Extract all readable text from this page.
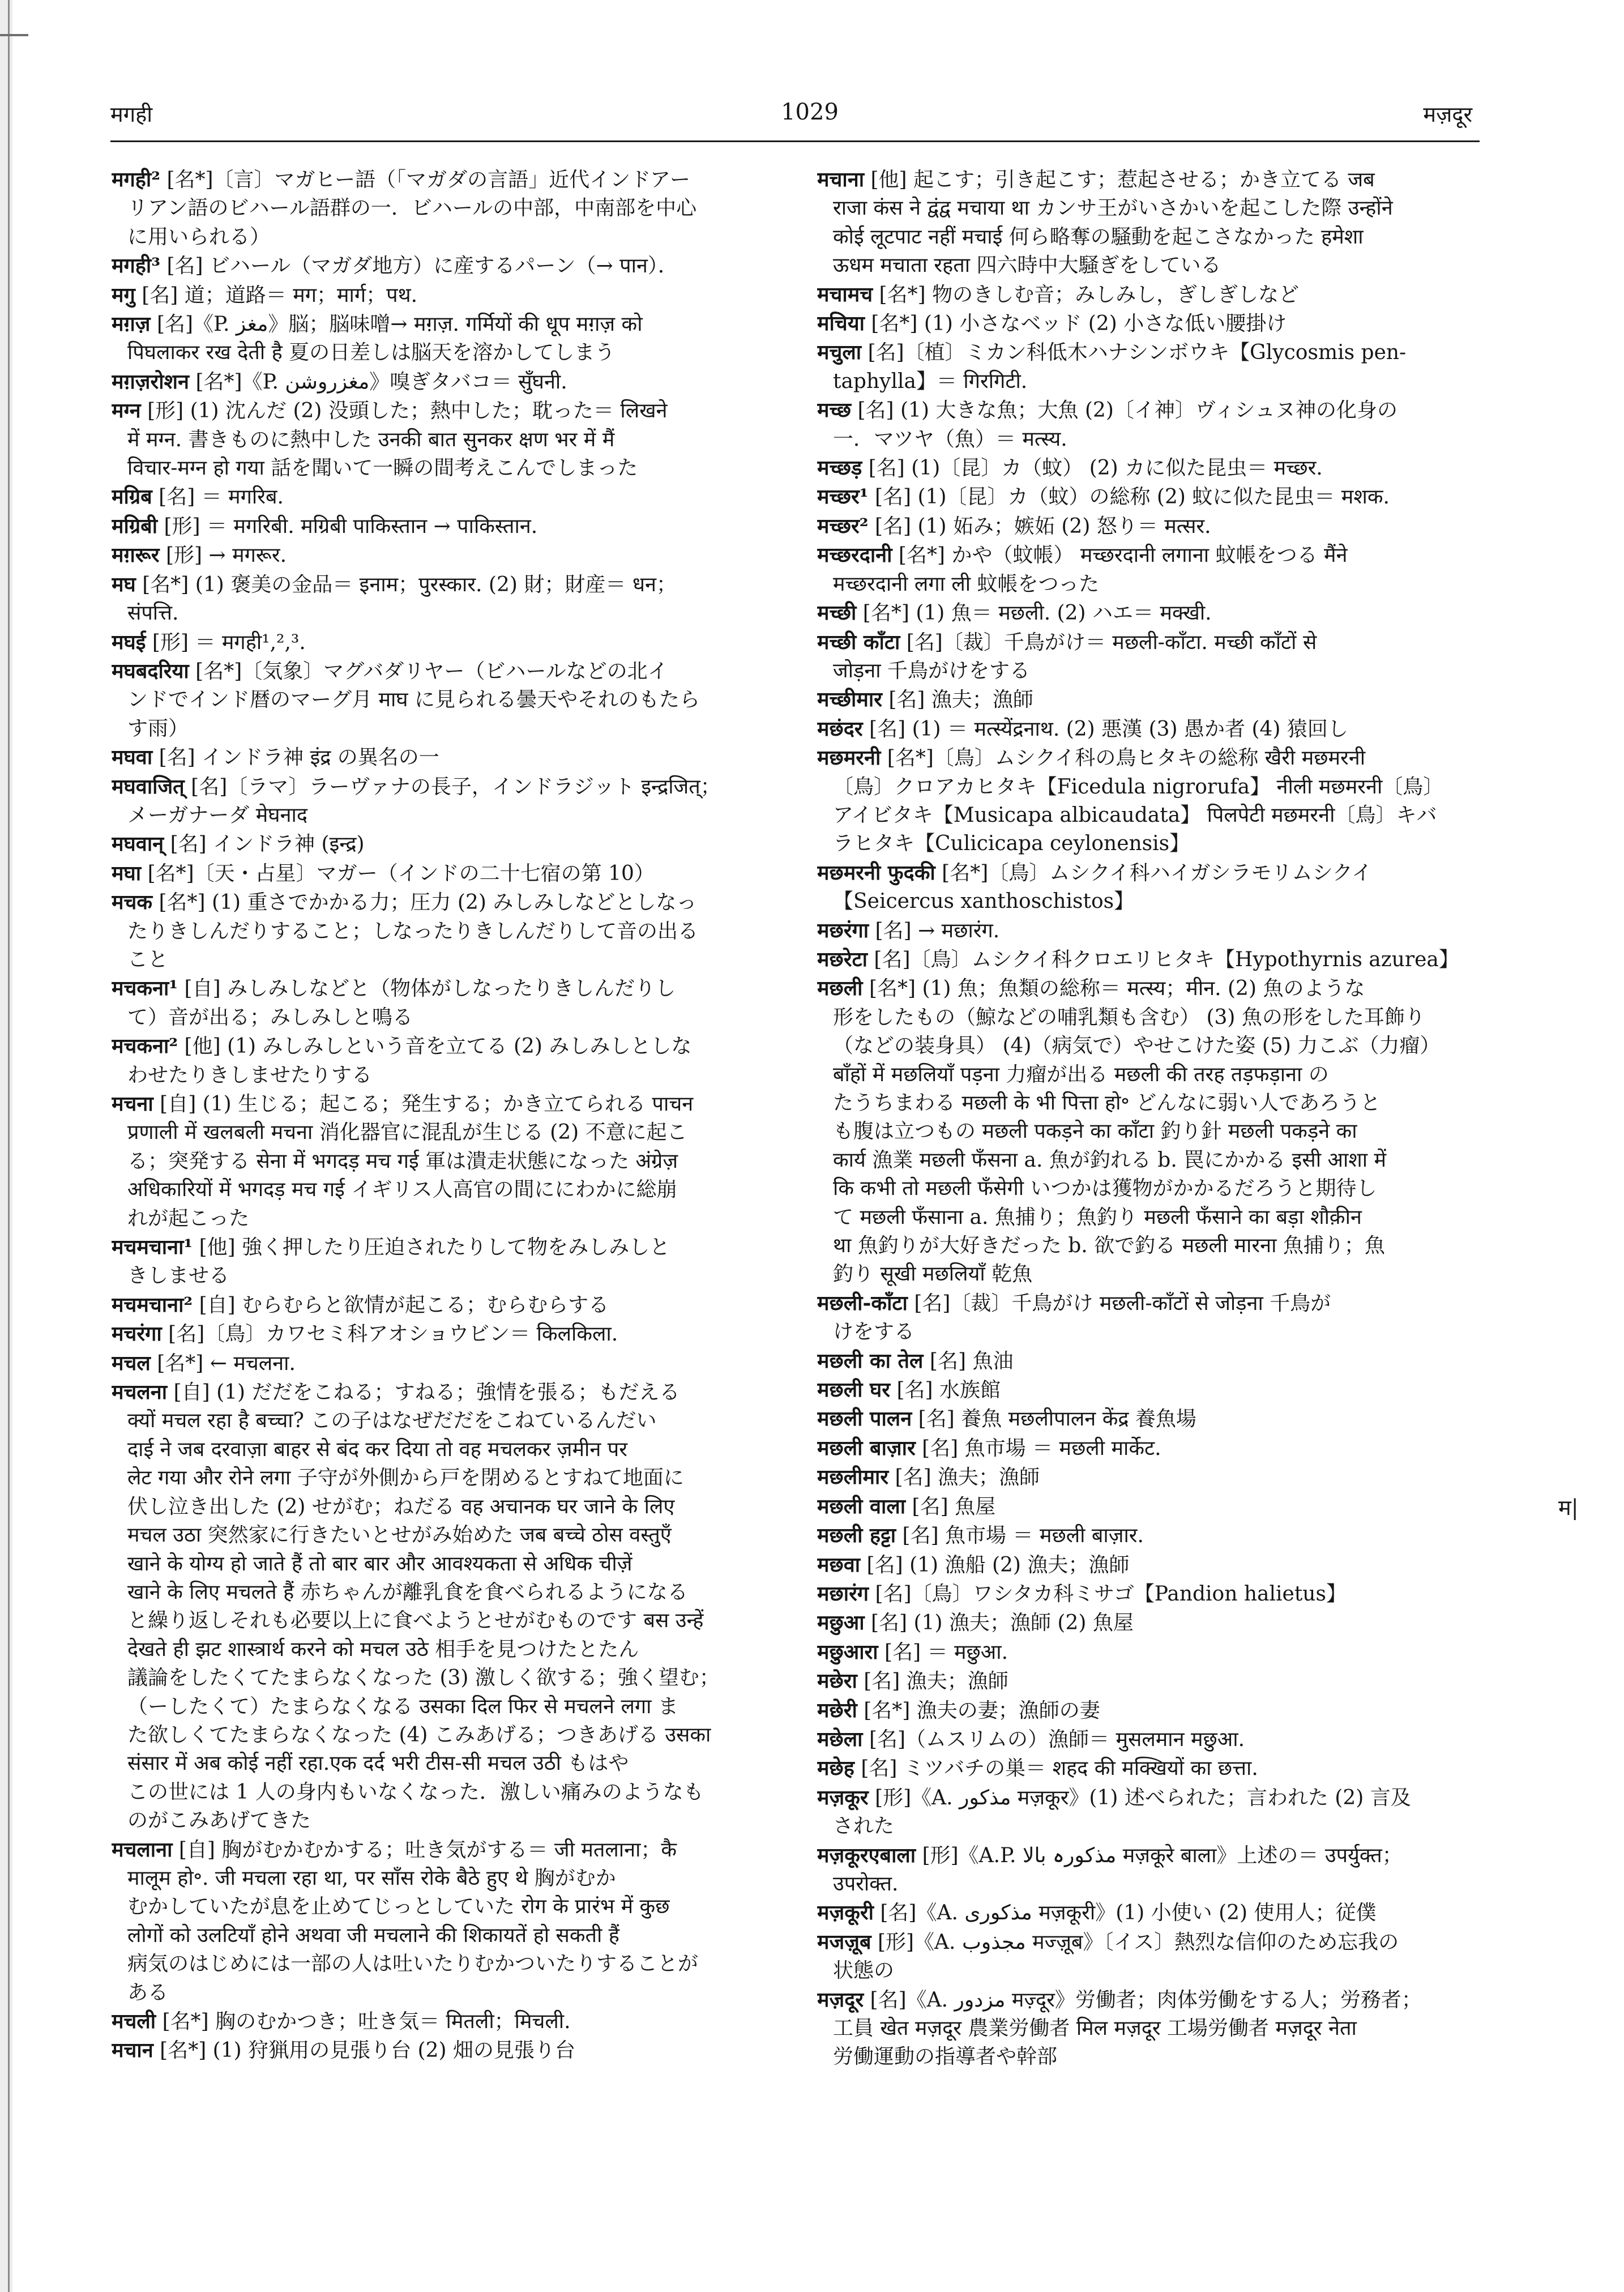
मगही	1029	मज़दूर
मगही² [名*]〔言〕マガヒー語（「マガダの言語」近代インドアー
リアン語のビハール語群の一．ビハールの中部，中南部を中心
に用いられる）
मगही³ [名] ビハール（マガダ地方）に産するパーン（→ पान）．
मगु [名] 道；道路＝ मग；मार्ग；पथ.
मग़ज़ [名]《P. مغز》脳；脳味噌→ मग़ज़. गर्मियों की धूप मग़ज़ को
पिघलाकर रख देती है 夏の日差しは脳天を溶かしてしまう
मग़ज़रोशन [名*]《P. مغزروشن》嗅ぎタバコ＝ सुँघनी.
मग्न [形] (1) 沈んだ (2) 没頭した；熱中した；耽った＝ लिखने
में मग्न. 書きものに熱中した उनकी बात सुनकर क्षण भर में मैं
विचार-मग्न हो गया 話を聞いて一瞬の間考えこんでしまった
मग्रिब [名] ＝ मगरिब.
मग्रिबी [形] ＝ मगरिबी. मग्रिबी पाकिस्तान → पाकिस्तान.
मग़रूर [形] → मगरूर.
मघ [名*] (1) 褒美の金品＝ इनाम；पुरस्कार. (2) 財；財産＝ धन；
संपत्ति.
मघई [形] ＝ मगही¹,²,³.
मघबदरिया [名*]〔気象〕マグバダリヤー（ビハールなどの北イ
ンドでインド暦のマーグ月 माघ に見られる曇天やそれのもたら
す雨）
मघवा [名] インドラ神 इंद्र の異名の一
मघवाजित् [名]〔ラマ〕ラーヴァナの長子，インドラジット इन्द्रजित्；
メーガナーダ मेघनाद
मघवान् [名] インドラ神 (इन्द्र)
मघा [名*]〔天・占星〕マガー（インドの二十七宿の第 10）
मचक [名*] (1) 重さでかかる力；圧力 (2) みしみしなどとしなっ
たりきしんだりすること；しなったりきしんだりして音の出る
こと
मचकना¹ [自] みしみしなどと（物体がしなったりきしんだりし
て）音が出る；みしみしと鳴る
मचकना² [他] (1) みしみしという音を立てる (2) みしみしとしな
わせたりきしませたりする
मचना [自] (1) 生じる；起こる；発生する；かき立てられる पाचन
प्रणाली में खलबली मचना 消化器官に混乱が生じる (2) 不意に起こ
る；突発する सेना में भगदड़ मच गई 軍は潰走状態になった अंग्रेज़
अधिकारियों में भगदड़ मच गई イギリス人高官の間ににわかに総崩
れが起こった
मचमचाना¹ [他] 強く押したり圧迫されたりして物をみしみしと
きしませる
मचमचाना² [自] むらむらと欲情が起こる；むらむらする
मचरंगा [名]〔鳥〕カワセミ科アオショウビン＝ किलकिला.
मचल [名*] ← मचलना.
मचलना [自] (1) だだをこねる；すねる；強情を張る；もだえる
क्यों मचल रहा है बच्चा? この子はなぜだだをこねているんだい
दाई ने जब दरवाज़ा बाहर से बंद कर दिया तो वह मचलकर ज़मीन पर
लेट गया और रोने लगा 子守が外側から戸を閉めるとすねて地面に
伏し泣き出した (2) せがむ；ねだる वह अचानक घर जाने के लिए
मचल उठा 突然家に行きたいとせがみ始めた जब बच्चे ठोस वस्तुएँ
खाने के योग्य हो जाते हैं तो बार बार और आवश्यकता से अधिक चीज़ें
खाने के लिए मचलते हैं 赤ちゃんが離乳食を食べられるようになる
と繰り返しそれも必要以上に食べようとせがむものです बस उन्हें
देखते ही झट शास्त्रार्थ करने को मचल उठे 相手を見つけたとたん
議論をしたくてたまらなくなった (3) 激しく欲する；強く望む；
（ーしたくて）たまらなくなる उसका दिल फिर से मचलने लगा ま
た欲しくてたまらなくなった (4) こみあげる；つきあげる उसका
संसार में अब कोई नहीं रहा.एक दर्द भरी टीस-सी मचल उठी もはや
この世には 1 人の身内もいなくなった．激しい痛みのようなも
のがこみあげてきた
मचलाना [自] 胸がむかむかする；吐き気がする＝ जी मतलाना；कै
मालूम हो॰. जी मचला रहा था, पर साँस रोके बैठे हुए थे 胸がむか
むかしていたが息を止めてじっとしていた रोग के प्रारंभ में कुछ
लोगों को उलटियाँ होने अथवा जी मचलाने की शिकायतें हो सकती हैं
病気のはじめには一部の人は吐いたりむかついたりすることが
ある
मचली [名*] 胸のむかつき；吐き気＝ मितली；मिचली.
मचान [名*] (1) 狩猟用の見張り台 (2) 畑の見張り台
मचाना [他] 起こす；引き起こす；惹起させる；かき立てる जब
राजा कंस ने द्वंद्व मचाया था カンサ王がいさかいを起こした際 उन्होंने
कोई लूटपाट नहीं मचाई 何ら略奪の騒動を起こさなかった हमेशा
ऊधम मचाता रहता 四六時中大騒ぎをしている
मचामच [名*] 物のきしむ音；みしみし，ぎしぎしなど
मचिया [名*] (1) 小さなベッド (2) 小さな低い腰掛け
मचुला [名]〔植〕ミカン科低木ハナシンボウキ【Glycosmis pen-
taphylla】＝ गिरगिटी.
मच्छ [名] (1) 大きな魚；大魚 (2)〔イ神〕ヴィシュヌ神の化身の
一．マツヤ（魚）＝ मत्स्य.
मच्छड़ [名] (1)〔昆〕カ（蚊） (2) カに似た昆虫＝ मच्छर.
मच्छर¹ [名] (1)〔昆〕カ（蚊）の総称 (2) 蚊に似た昆虫＝ मशक.
मच्छर² [名] (1) 妬み；嫉妬 (2) 怒り＝ मत्सर.
मच्छरदानी [名*] かや（蚊帳） मच्छरदानी लगाना 蚊帳をつる मैंने
मच्छरदानी लगा ली 蚊帳をつった
मच्छी [名*] (1) 魚＝ मछली. (2) ハエ＝ मक्खी.
मच्छी काँटा [名]〔裁〕千鳥がけ＝ मछली-काँटा. मच्छी काँटों से
जोड़ना 千鳥がけをする
मच्छीमार [名] 漁夫；漁師
मछंदर [名] (1) ＝ मत्स्येंद्रनाथ. (2) 悪漢 (3) 愚か者 (4) 猿回し
मछमरनी [名*]〔鳥〕ムシクイ科の鳥ヒタキの総称 खैरी मछमरनी
〔鳥〕クロアカヒタキ【Ficedula nigrorufa】 नीली मछमरनी〔鳥〕
アイビタキ【Musicapa albicaudata】 पिलपेटी मछमरनी〔鳥〕キバ
ラヒタキ【Culicicapa ceylonensis】
मछमरनी फुदकी [名*]〔鳥〕ムシクイ科ハイガシラモリムシクイ
【Seicercus xanthoschistos】
मछरंगा [名] → मछारंग.
मछरेटा [名]〔鳥〕ムシクイ科クロエリヒタキ【Hypothyrnis azurea】
मछली [名*] (1) 魚；魚類の総称＝ मत्स्य；मीन. (2) 魚のような
形をしたもの（鯨などの哺乳類も含む） (3) 魚の形をした耳飾り
（などの装身具） (4)（病気で）やせこけた姿 (5) 力こぶ（力瘤）
बाँहों में मछलियाँ पड़ना 力瘤が出る मछली की तरह तड़फड़ाना の
たうちまわる मछली के भी पित्ता हो॰ どんなに弱い人であろうと
も腹は立つもの मछली पकड़ने का काँटा 釣り針 मछली पकड़ने का
कार्य 漁業 मछली फँसना a. 魚が釣れる b. 罠にかかる इसी आशा में
कि कभी तो मछली फँसेगी いつかは獲物がかかるだろうと期待し
て मछली फँसाना a. 魚捕り；魚釣り मछली फँसाने का बड़ा शौक़ीन
था 魚釣りが大好きだった b. 欲で釣る मछली मारना 魚捕り；魚
釣り सूखी मछलियाँ 乾魚
मछली-काँटा [名]〔裁〕千鳥がけ मछली-काँटों से जोड़ना 千鳥が
けをする
मछली का तेल [名] 魚油
मछली घर [名] 水族館
मछली पालन [名] 養魚 मछलीपालन केंद्र 養魚場
मछली बाज़ार [名] 魚市場 ＝ मछली मार्केट.
मछलीमार [名] 漁夫；漁師
मछली वाला [名] 魚屋
मछली हट्टा [名] 魚市場 ＝ मछली बाज़ार.
मछवा [名] (1) 漁船 (2) 漁夫；漁師
मछारंग [名]〔鳥〕ワシタカ科ミサゴ【Pandion halietus】
मछुआ [名] (1) 漁夫；漁師 (2) 魚屋
मछुआरा [名] ＝ मछुआ.
मछेरा [名] 漁夫；漁師
मछेरी [名*] 漁夫の妻；漁師の妻
मछेला [名]（ムスリムの）漁師＝ मुसलमान मछुआ.
मछेह [名] ミツバチの巣＝ शहद की मक्खियों का छत्ता.
मज़कूर [形]《A. مذکور मज़कूर》(1) 述べられた；言われた (2) 言及
された
मज़कूरएबाला [形]《A.P. مذکورہ بالا मज़कूरे बाला》上述の＝ उपर्युक्त；
उपरोक्त.
मज़कूरी [名]《A. مذکوری मज़कूरी》(1) 小使い (2) 使用人；従僕
मजज़ूब [形]《A. مجذوب मज्ज़ूब》〔イス〕熱烈な信仰のため忘我の
状態の
मज़दूर [名]《A. مزدور मज़्दूर》労働者；肉体労働をする人；労務者；
工員 खेत मज़दूर 農業労働者 मिल मज़दूर 工場労働者 मज़दूर नेता
労働運動の指導者や幹部
म|
